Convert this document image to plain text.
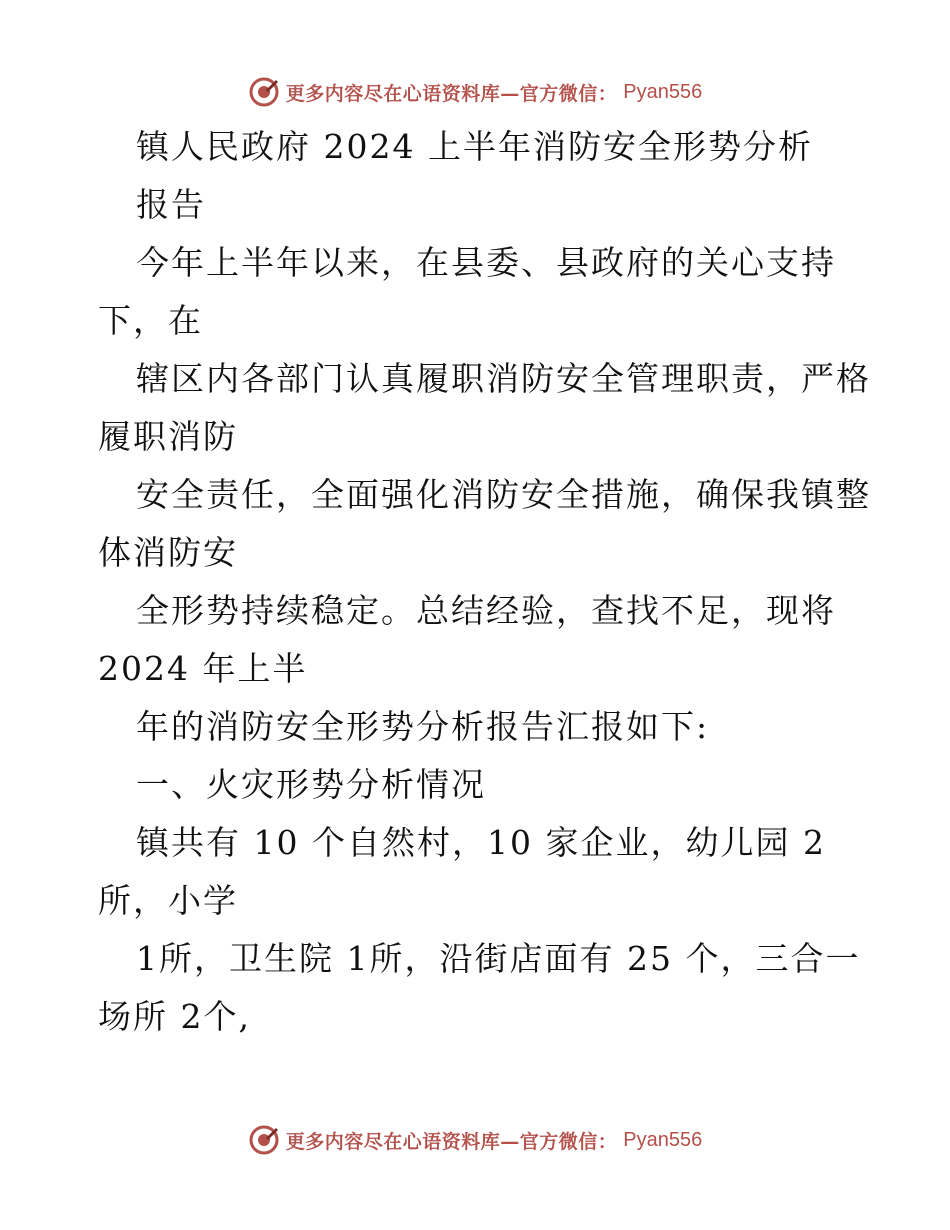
更多内容尽在心语资料库—官方微信： Pyan556
镇人民政府 2024 上半年消防安全形势分析
报告
今年上半年以来，在县委、县政府的关心支持
下，在
辖区内各部门认真履职消防安全管理职责，严格
履职消防
安全责任，全面强化消防安全措施，确保我镇整
体消防安
全形势持续稳定。总结经验，查找不足，现将
2024 年上半
年的消防安全形势分析报告汇报如下:
一、火灾形势分析情况
镇共有 10 个自然村，10 家企业，幼儿园 2
所，小学
1所，卫生院 1所，沿街店面有 25 个，三合一
场所 2个,
更多内容尽在心语资料库—官方微信： Pyan556
